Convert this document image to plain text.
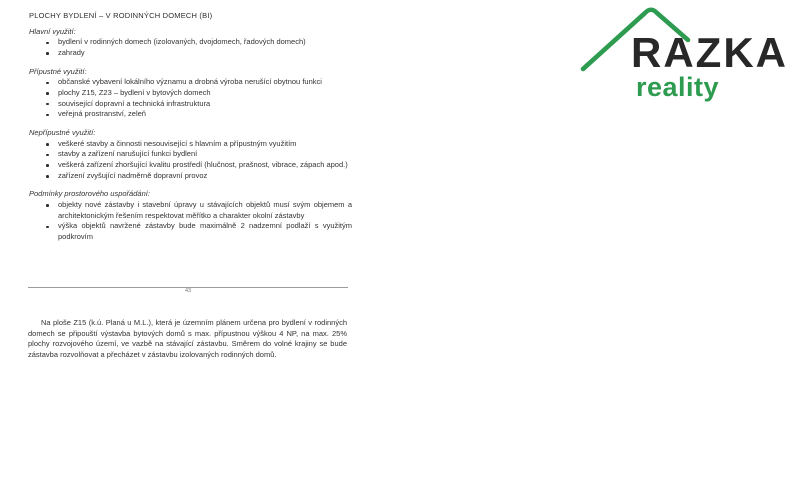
PLOCHY BYDLENÍ – V RODINNÝCH DOMECH (BI)
Hlavní využití:
bydlení v rodinných domech (izolovaných, dvojdomech, řadových domech)
zahrady
Přípustné využití:
občanské vybavení lokálního významu a drobná výroba nerušící obytnou funkci
plochy Z15, Z23 – bydlení v bytových domech
související dopravní a technická infrastruktura
veřejná prostranství, zeleň
Nepřípustné využití:
veškeré stavby a činnosti nesouvisející s hlavním a přípustným využitím
stavby a zařízení narušující funkci bydlení
veškerá zařízení zhoršující kvalitu prostředí (hlučnost, prašnost, vibrace, zápach apod.)
zařízení zvyšující nadměrně dopravní provoz
Podmínky prostorového uspořádání:
objekty nové zástavby i stavební úpravy u stávajících objektů musí svým objemem a architektonickým řešením respektovat měřítko a charakter okolní zástavby
výška objektů navržené zástavby bude maximálně 2 nadzemní podlaží s využitým podkrovím
43
Na ploše Z15 (k.ú. Planá u M.L.), která je územním plánem určena pro bydlení v rodinných domech se připouští výstavba bytových domů s max. přípustnou výškou 4 NP, na max. 25% plochy rozvojového území, ve vazbě na stávající zástavbu. Směrem do volné krajiny se bude zástavba rozvolňovat a přecházet v zástavbu izolovaných rodinných domů.
RAZKA
reality
